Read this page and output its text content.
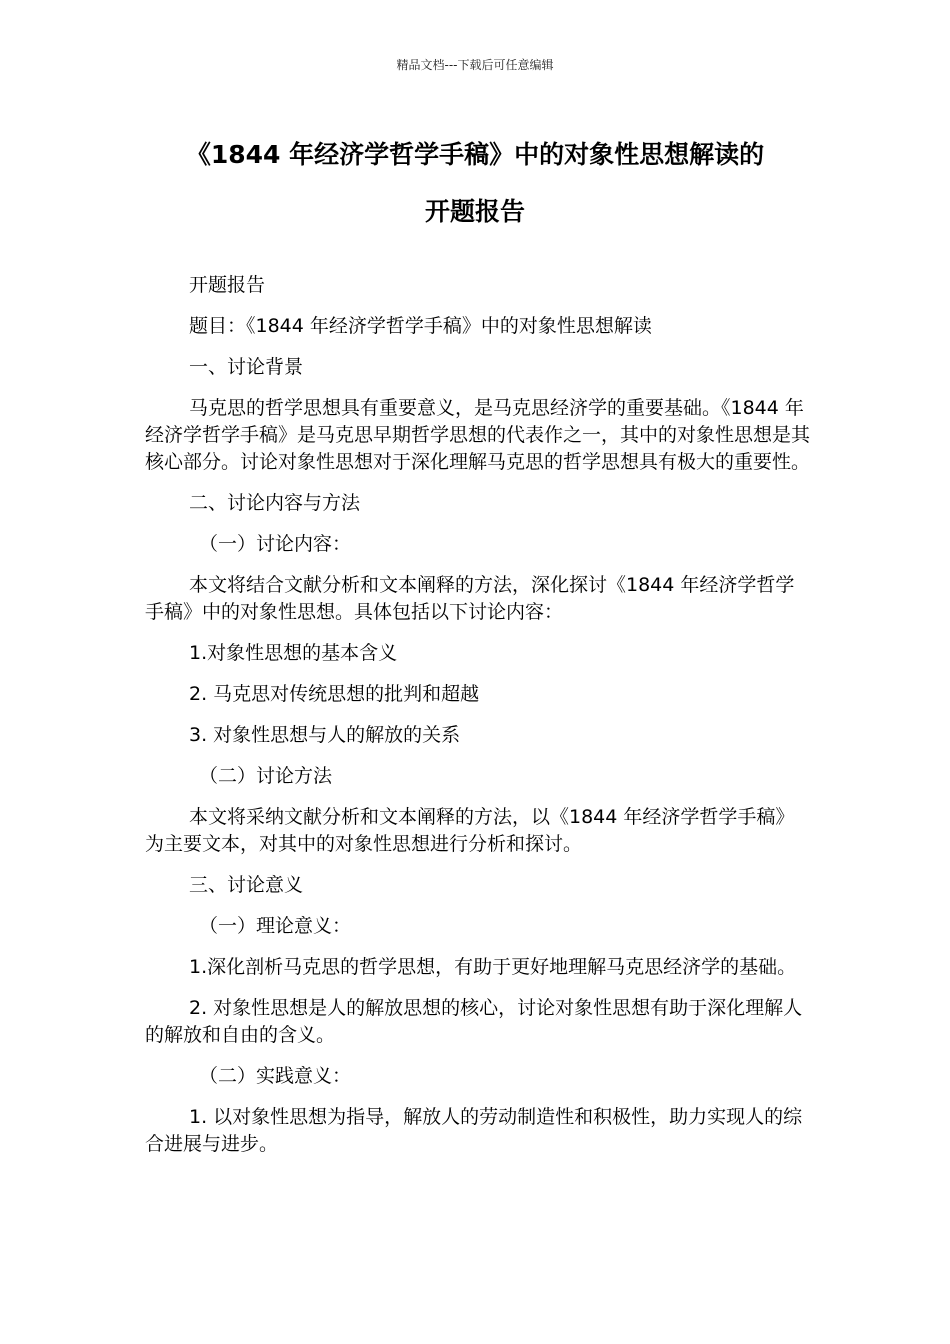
精品文档---下载后可任意编辑
《1844 年经济学哲学手稿》中的对象性思想解读的
开题报告

开题报告

题目：《1844 年经济学哲学手稿》中的对象性思想解读

一、讨论背景

马克思的哲学思想具有重要意义，是马克思经济学的重要基础。《1844 年经济学哲学手稿》是马克思早期哲学思想的代表作之一，其中的对象性思想是其核心部分。讨论对象性思想对于深化理解马克思的哲学思想具有极大的重要性。

二、讨论内容与方法

（一）讨论内容：

本文将结合文献分析和文本阐释的方法，深化探讨《1844 年经济学哲学手稿》中的对象性思想。具体包括以下讨论内容：

1.对象性思想的基本含义

2. 马克思对传统思想的批判和超越

3. 对象性思想与人的解放的关系

（二）讨论方法

本文将采纳文献分析和文本阐释的方法，以《1844 年经济学哲学手稿》为主要文本，对其中的对象性思想进行分析和探讨。

三、讨论意义

（一）理论意义：

1.深化剖析马克思的哲学思想，有助于更好地理解马克思经济学的基础。

2. 对象性思想是人的解放思想的核心，讨论对象性思想有助于深化理解人的解放和自由的含义。

（二）实践意义：

1. 以对象性思想为指导，解放人的劳动制造性和积极性，助力实现人的综合进展与进步。
